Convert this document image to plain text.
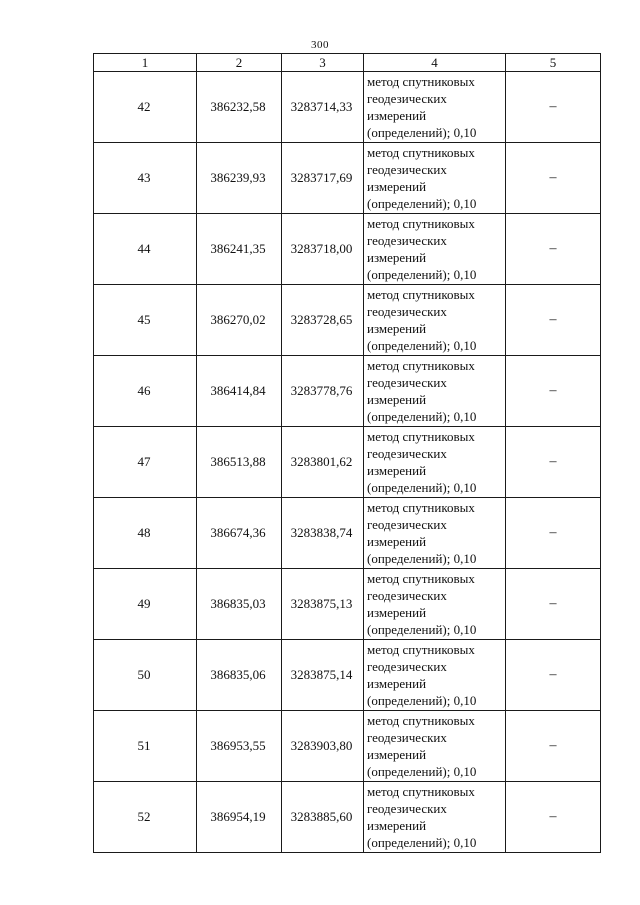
300
1	2	3	4	5
42	386232,58	3283714,33	метод спутниковых
геодезических
измерений
(определений); 0,10	–
43	386239,93	3283717,69	метод спутниковых
геодезических
измерений
(определений); 0,10	–
44	386241,35	3283718,00	метод спутниковых
геодезических
измерений
(определений); 0,10	–
45	386270,02	3283728,65	метод спутниковых
геодезических
измерений
(определений); 0,10	–
46	386414,84	3283778,76	метод спутниковых
геодезических
измерений
(определений); 0,10	–
47	386513,88	3283801,62	метод спутниковых
геодезических
измерений
(определений); 0,10	–
48	386674,36	3283838,74	метод спутниковых
геодезических
измерений
(определений); 0,10	–
49	386835,03	3283875,13	метод спутниковых
геодезических
измерений
(определений); 0,10	–
50	386835,06	3283875,14	метод спутниковых
геодезических
измерений
(определений); 0,10	–
51	386953,55	3283903,80	метод спутниковых
геодезических
измерений
(определений); 0,10	–
52	386954,19	3283885,60	метод спутниковых
геодезических
измерений
(определений); 0,10	–
